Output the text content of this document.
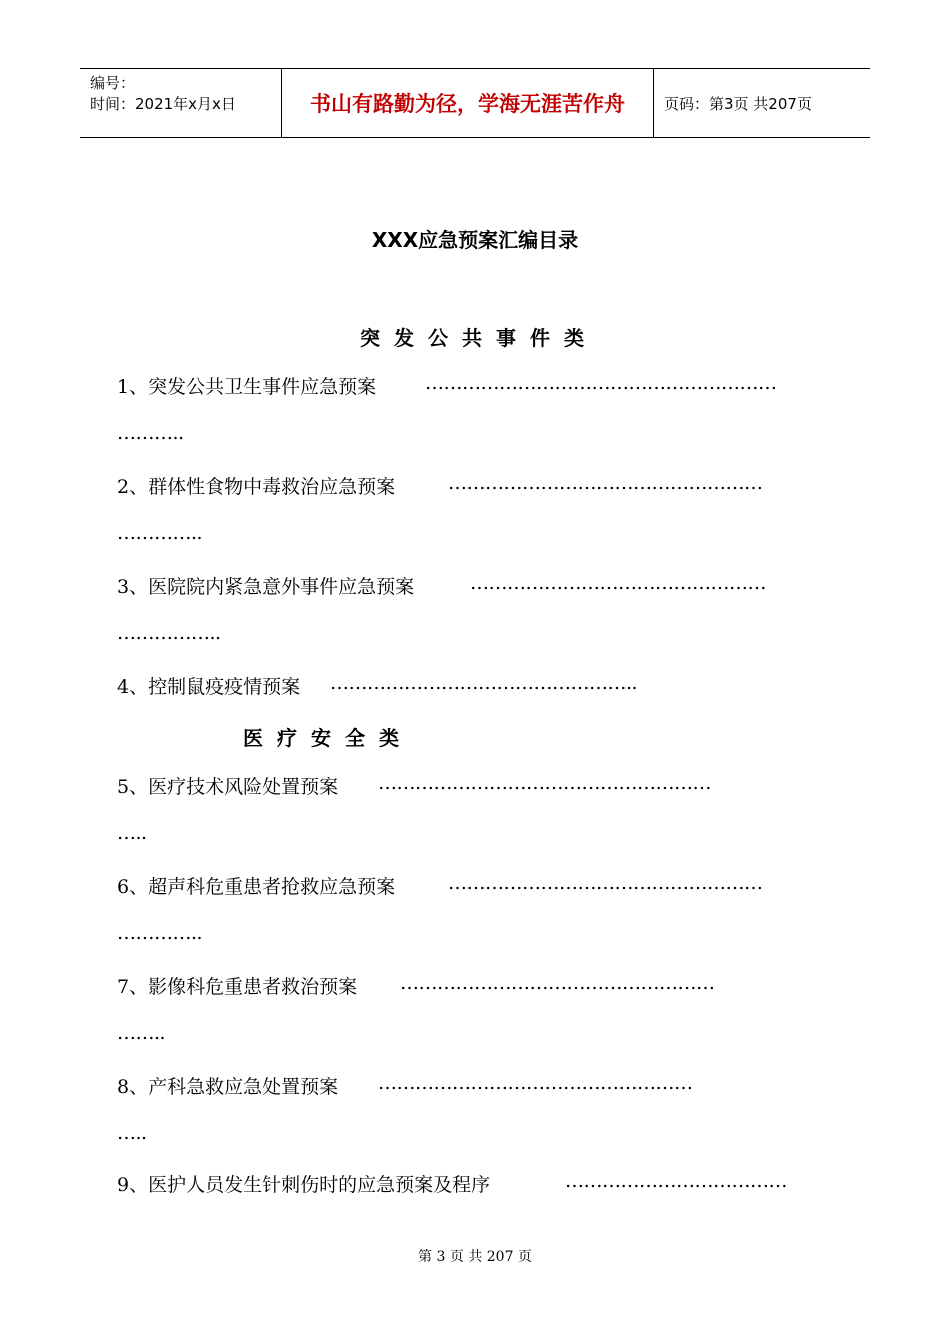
编号：
时间：2021年x月x日	书山有路勤为径，学海无涯苦作舟	页码：第3页 共207页
XXX应急预案汇编目录
突发公共事件类
1、突发公共卫生事件应急预案	…………………………………………………
………..
2、群体性食物中毒救治应急预案	……………………………………………
…………..
3、医院院内紧急意外事件应急预案	…………………………………………
……………..
4、控制鼠疫疫情预案 …………………………………………..
医疗安全类
5、医疗技术风险处置预案 ………………………………………………
…..
6、超声科危重患者抢救应急预案	……………………………………………
…………..
7、影像科危重患者救治预案 ……………………………………………
……..
8、产科急救应急处置预案 ……………………………………………
…..
9、医护人员发生针刺伤时的应急预案及程序	………………………………
第 3 页 共 207 页
